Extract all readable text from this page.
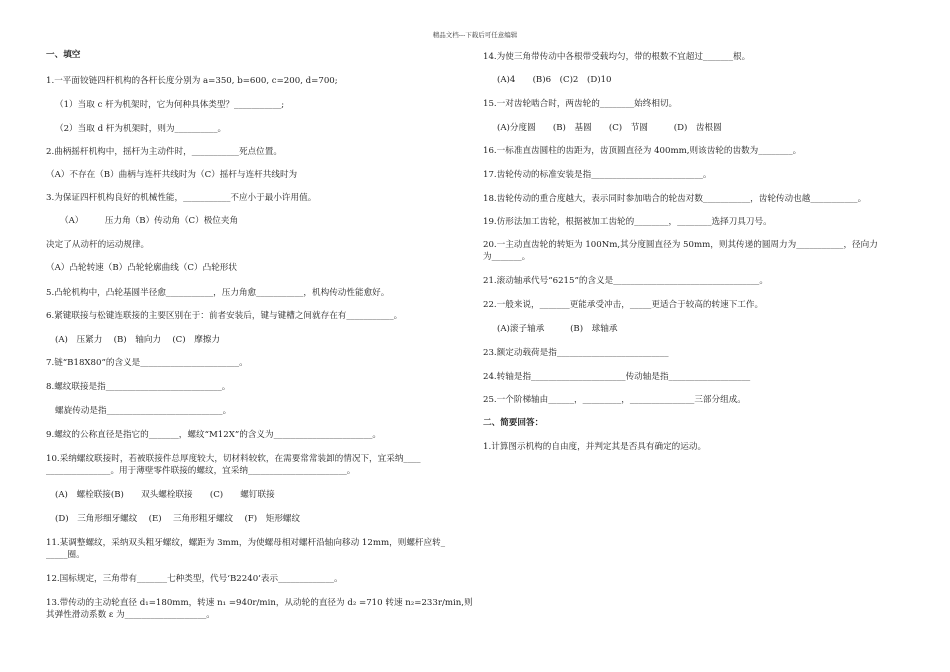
精品文档---下载后可任意编辑
一、填空
1.一平面铰链四杆机构的各杆长度分别为 a=350, b=600, c=200, d=700;
（1）当取 c 杆为机架时，它为何种具体类型？___________;
（2）当取 d 杆为机架时，则为__________。
2.曲柄摇杆机构中，摇杆为主动件时，___________死点位置。
（A）不存在（B）曲柄与连杆共线时为（C）摇杆与连杆共线时为
3.为保证四杆机构良好的机械性能，___________不应小于最小许用值。
（A）　　　压力角（B）传动角（C）极位夹角
决定了从动杆的运动规律。
（A）凸轮转速（B）凸轮轮廓曲线（C）凸轮形状
5.凸轮机构中，凸轮基圆半径愈___________，压力角愈___________，机构传动性能愈好。
6.紧键联接与松键连联接的主要区别在于：前者安装后，键与键槽之间就存在有___________。
(A)　压紧力　 (B)　轴向力　 (C)　摩擦力
7.链“B18X80”的含义是_______________________。
8.螺纹联接是指___________________________。
螺旋传动是指___________________________。
9.螺纹的公称直径是指它的_______，螺纹“M12X”的含义为_______________________。
10.采纳螺纹联接时，若被联接件总厚度较大，切材料较软，在需要常常装卸的情况下，宜采纳____
_______________。用于薄壁零件联接的螺纹，宜采纳_______________________。
(A)　螺栓联接(B)　　双头螺栓联接　　(C)　　螺钉联接
(D)　三角形细牙螺纹　 (E)　 三角形粗牙螺纹　 (F)　矩形螺纹
11.某调整螺纹，采纳双头粗牙螺纹，螺距为 3mm，为使螺母相对螺杆沿轴向移动 12mm，则螺杆应转_
_____圈。
12.国标规定，三角带有_______七种类型，代号‘B2240’表示_____________。
13.带传动的主动轮直径 d₁=180mm，转速 n₁ =940r/min，从动轮的直径为 d₂ =710 转速 n₂=233r/min,则
其弹性滑动系数 ε 为___________________。
14.为使三角带传动中各根带受载均匀，带的根数不宜超过_______根。
(A)4　　(B)6　(C)2　(D)10
15.一对齿轮啮合时，两齿轮的________始终相切。
(A)分度圆　　(B)　基圆　　(C)　节圆　　　(D)　齿根圆
16.一标准直齿圆柱的齿距为，齿顶圆直径为 400mm,则该齿轮的齿数为________。
17.齿轮传动的标准安装是指__________________________。
18.齿轮传动的重合度越大，表示同时参加啮合的轮齿对数___________，齿轮传动也越___________。
19.仿形法加工齿轮，根据被加工齿轮的________，________选择刀具刀号。
20.一主动直齿轮的转矩为 100Nm,其分度圆直径为 50mm，则其传递的圆周力为___________，径向力
为_______。
21.滚动轴承代号“6215”的含义是__________________________________。
22.一般来说，_______更能承受冲击，_____更适合于较高的转速下工作。
(A)滚子轴承　　　(B)　球轴承
23.额定动载荷是指__________________________
24.转轴是指______________________传动轴是指___________________
25.一个阶梯轴由______，_________，_______________三部分组成。
二、简要回答：
1.计算图示机构的自由度，并判定其是否具有确定的运动。
